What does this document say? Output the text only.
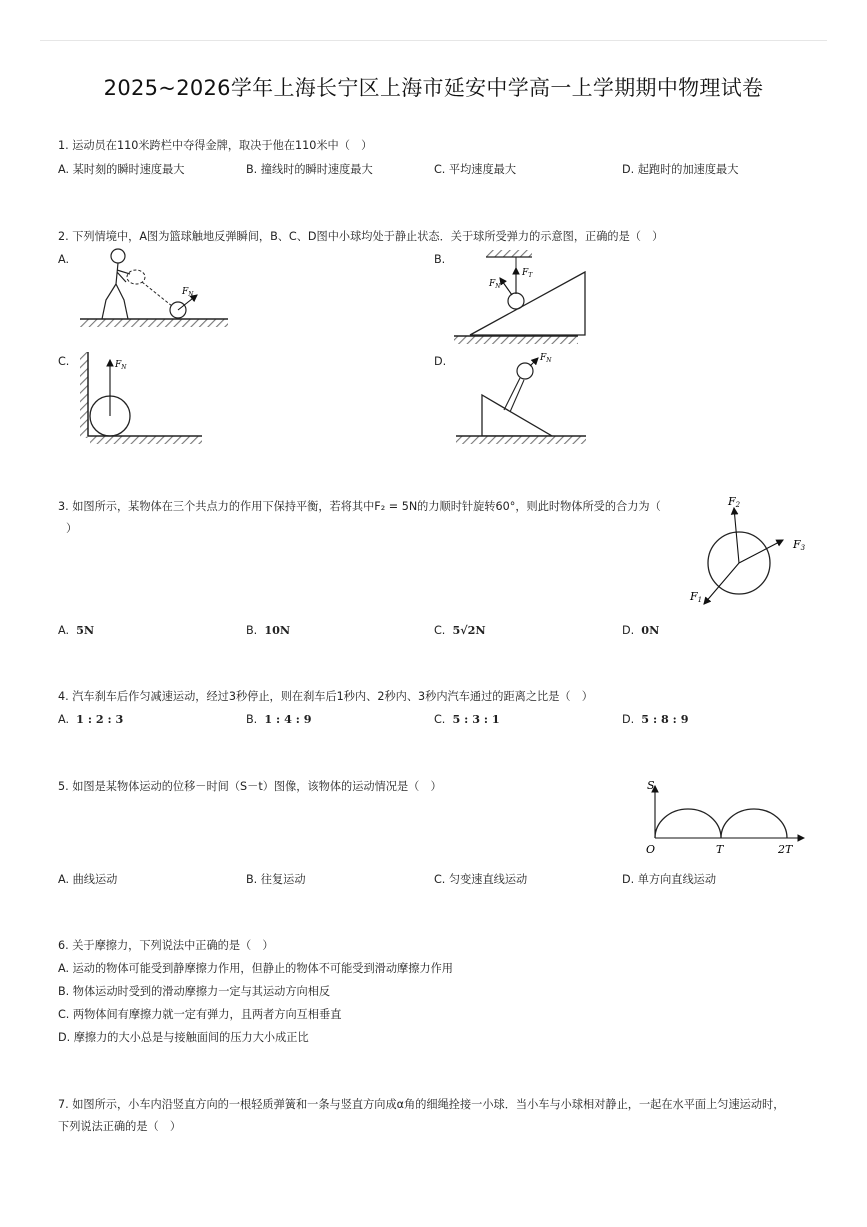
2025~2026学年上海长宁区上海市延安中学高一上学期期中物理试卷
1. 运动员在110米跨栏中夺得金牌，取决于他在110米中（　）
A. 某时刻的瞬时速度最大	B. 撞线时的瞬时速度最大	C. 平均速度最大	D. 起跑时的加速度最大
2. 下列情境中，A图为篮球触地反弹瞬间，B、C、D图中小球均处于静止状态．关于球所受弹力的示意图，正确的是（　）
A.	B.
C.	D.
$F_N$
$F_T$
$F_N$
$F_N$
$F_N$
3. 如图所示，某物体在三个共点力的作用下保持平衡，若将其中F₂ = 5N的力顺时针旋转60°，则此时物体所受的合力为（
）
F2
F3
F1
A. 5N	B. 10N	C. 5√2N	D. 0N
4. 汽车刹车后作匀减速运动，经过3秒停止，则在刹车后1秒内、2秒内、3秒内汽车通过的距离之比是（　）
A. 1 : 2 : 3	B. 1 : 4 : 9	C. 5 : 3 : 1	D. 5 : 8 : 9
5. 如图是某物体运动的位移－时间（S－t）图像，该物体的运动情况是（　）	S
O	T	2T
A. 曲线运动	B. 往复运动	C. 匀变速直线运动	D. 单方向直线运动
6. 关于摩擦力，下列说法中正确的是（　）
A. 运动的物体可能受到静摩擦力作用，但静止的物体不可能受到滑动摩擦力作用
B. 物体运动时受到的滑动摩擦力一定与其运动方向相反
C. 两物体间有摩擦力就一定有弹力，且两者方向互相垂直
D. 摩擦力的大小总是与接触面间的压力大小成正比
7. 如图所示，小车内沿竖直方向的一根轻质弹簧和一条与竖直方向成α角的细绳拴接一小球．当小车与小球相对静止，一起在水平面上匀速运动时，
下列说法正确的是（　）
